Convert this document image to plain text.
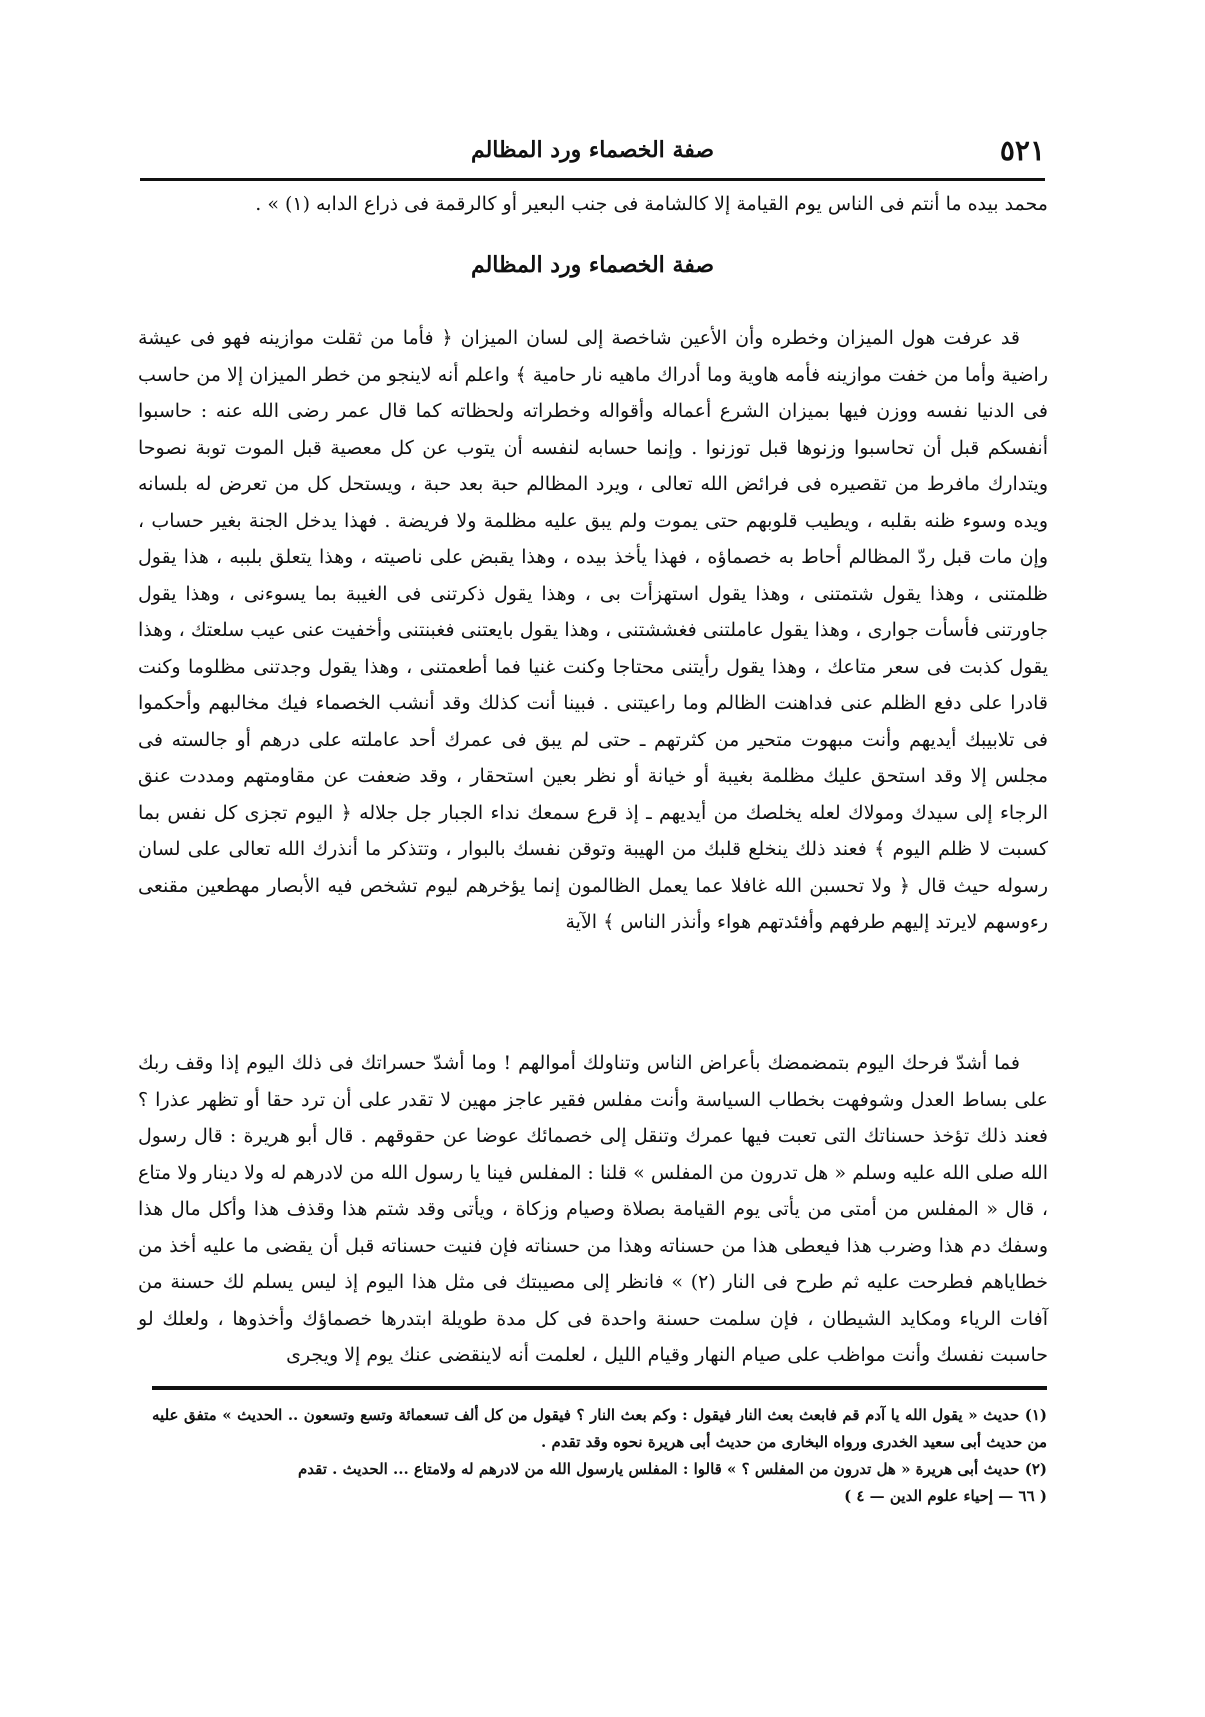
٥٢١
صفة الخصماء ورد المظالم

محمد بيده ما أنتم فى الناس يوم القيامة إلا كالشامة فى جنب البعير أو كالرقمة فى ذراع الدابه (١) » .

صفة الخصماء ورد المظالم

قد عرفت هول الميزان وخطره وأن الأعين شاخصة إلى لسان الميزان ﴿ فأما من ثقلت موازينه فهو فى عيشة راضية وأما من خفت موازينه فأمه هاوية وما أدراك ماهيه نار حامية ﴾ واعلم أنه لاينجو من خطر الميزان إلا من حاسب فى الدنيا نفسه ووزن فيها بميزان الشرع أعماله وأقواله وخطراته ولحظاته كما قال عمر رضى الله عنه : حاسبوا أنفسكم قبل أن تحاسبوا وزنوها قبل توزنوا . وإنما حسابه لنفسه أن يتوب عن كل معصية قبل الموت توبة نصوحا ويتدارك مافرط من تقصيره فى فرائض الله تعالى ، ويرد المظالم حبة بعد حبة ، ويستحل كل من تعرض له بلسانه ويده وسوء ظنه بقلبه ، ويطيب قلوبهم حتى يموت ولم يبق عليه مظلمة ولا فريضة . فهذا يدخل الجنة بغير حساب ، وإن مات قبل ردّ المظالم أحاط به خصماؤه ، فهذا يأخذ بيده ، وهذا يقبض على ناصيته ، وهذا يتعلق بلببه ، هذا يقول ظلمتنى ، وهذا يقول شتمتنى ، وهذا يقول استهزأت بى ، وهذا يقول ذكرتنى فى الغيبة بما يسوءنى ، وهذا يقول جاورتنى فأسأت جوارى ، وهذا يقول عاملتنى فغششتنى ، وهذا يقول بايعتنى فغبنتنى وأخفيت عنى عيب سلعتك ، وهذا يقول كذبت فى سعر متاعك ، وهذا يقول رأيتنى محتاجا وكنت غنيا فما أطعمتنى ، وهذا يقول وجدتنى مظلوما وكنت قادرا على دفع الظلم عنى فداهنت الظالم وما راعيتنى . فبينا أنت كذلك وقد أنشب الخصماء فيك مخالبهم وأحكموا فى تلابيبك أيديهم وأنت مبهوت متحير من كثرتهم ـ حتى لم يبق فى عمرك أحد عاملته على درهم أو جالسته فى مجلس إلا وقد استحق عليك مظلمة بغيبة أو خيانة أو نظر بعين استحقار ، وقد ضعفت عن مقاومتهم ومددت عنق الرجاء إلى سيدك ومولاك لعله يخلصك من أيديهم ـ إذ قرع سمعك نداء الجبار جل جلاله ﴿ اليوم تجزى كل نفس بما كسبت لا ظلم اليوم ﴾ فعند ذلك ينخلع قلبك من الهيبة وتوقن نفسك بالبوار ، وتتذكر ما أنذرك الله تعالى على لسان رسوله حيث قال ﴿ ولا تحسبن الله غافلا عما يعمل الظالمون إنما يؤخرهم ليوم تشخص فيه الأبصار مهطعين مقنعى رءوسهم لايرتد إليهم طرفهم وأفئدتهم هواء وأنذر الناس ﴾ الآية

فما أشدّ فرحك اليوم بتمضمضك بأعراض الناس وتناولك أموالهم ! وما أشدّ حسراتك فى ذلك اليوم إذا وقف ربك على بساط العدل وشوفهت بخطاب السياسة وأنت مفلس فقير عاجز مهين لا تقدر على أن ترد حقا أو تظهر عذرا ؟ فعند ذلك تؤخذ حسناتك التى تعبت فيها عمرك وتنقل إلى خصمائك عوضا عن حقوقهم . قال أبو هريرة : قال رسول الله صلى الله عليه وسلم « هل تدرون من المفلس » قلنا : المفلس فينا يا رسول الله من لادرهم له ولا دينار ولا متاع ، قال « المفلس من أمتى من يأتى يوم القيامة بصلاة وصيام وزكاة ، ويأتى وقد شتم هذا وقذف هذا وأكل مال هذا وسفك دم هذا وضرب هذا فيعطى هذا من حسناته وهذا من حسناته فإن فنيت حسناته قبل أن يقضى ما عليه أخذ من خطاياهم فطرحت عليه ثم طرح فى النار (٢) » فانظر إلى مصيبتك فى مثل هذا اليوم إذ ليس يسلم لك حسنة من آفات الرياء ومكايد الشيطان ، فإن سلمت حسنة واحدة فى كل مدة طويلة ابتدرها خصماؤك وأخذوها ، ولعلك لو حاسبت نفسك وأنت مواظب على صيام النهار وقيام الليل ، لعلمت أنه لاينقضى عنك يوم إلا ويجرى

(١) حديث « يقول الله يا آدم قم فابعث بعث النار فيقول : وكم بعث النار ؟ فيقول من كل ألف تسعمائة وتسع وتسعون .. الحديث » متفق عليه من حديث أبى سعيد الخدرى ورواه البخارى من حديث أبى هريرة نحوه وقد تقدم .

(٢) حديث أبى هريرة « هل تدرون من المفلس ؟ » قالوا : المفلس يارسول الله من لادرهم له ولامتاع ... الحديث . تقدم

( ٦٦ — إحياء علوم الدين — ٤ )
